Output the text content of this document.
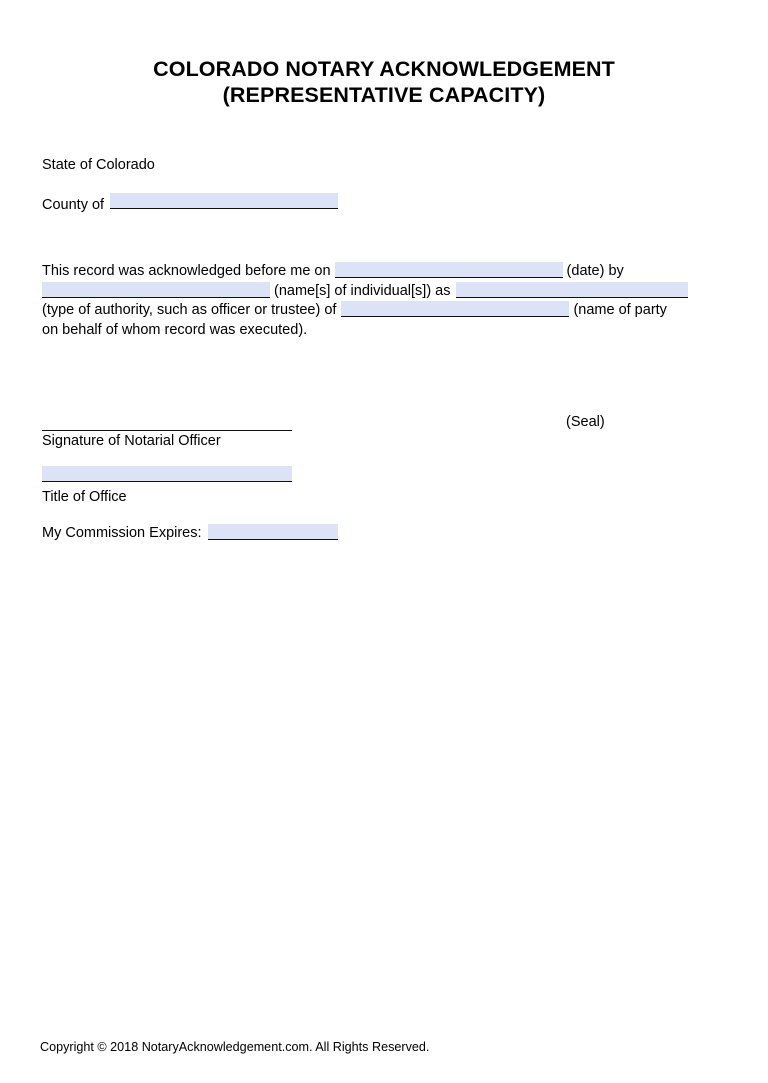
COLORADO NOTARY ACKNOWLEDGEMENT
(REPRESENTATIVE CAPACITY)
State of Colorado
County of
This record was acknowledged before me on	(date) by
(name[s] of individual[s]) as
(type of authority, such as officer or trustee) of	(name of party
on behalf of whom record was executed).
Signature of Notarial Officer
(Seal)
Title of Office
My Commission Expires:
Copyright © 2018 NotaryAcknowledgement.com. All Rights Reserved.
